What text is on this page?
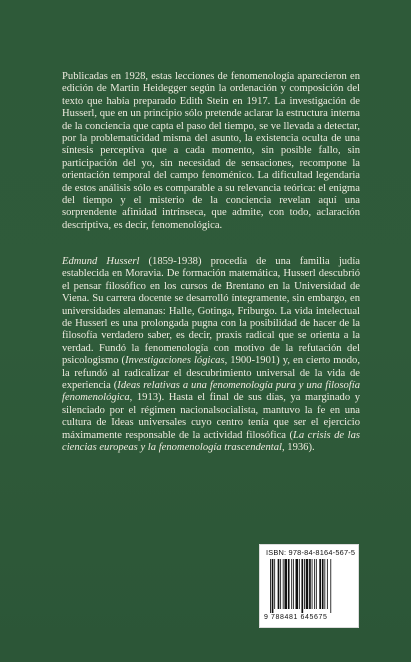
Publicadas en 1928, estas lecciones de fenomenología aparecieron en edición de Martin Heidegger según la ordenación y composición del texto que había preparado Edith Stein en 1917. La investigación de Husserl, que en un principio sólo pretende aclarar la estructura interna de la conciencia que capta el paso del tiempo, se ve llevada a detectar, por la problematicidad misma del asunto, la existencia oculta de una síntesis perceptiva que a cada momento, sin posible fallo, sin participación del yo, sin necesidad de sensaciones, recompone la orientación temporal del campo fenoménico. La dificultad legendaria de estos análisis sólo es comparable a su relevancia teórica: el enigma del tiempo y el misterio de la conciencia revelan aquí una sorprendente afinidad intrínseca, que admite, con todo, aclaración descriptiva, es decir, fenomenológica.

Edmund Husserl (1859-1938) procedía de una familia judía establecida en Moravia. De formación matemática, Husserl descubrió el pensar filosófico en los cursos de Brentano en la Universidad de Viena. Su carrera docente se desarrolló íntegramente, sin embargo, en universidades alemanas: Halle, Gotinga, Friburgo. La vida intelectual de Husserl es una prolongada pugna con la posibilidad de hacer de la filosofía verdadero saber, es decir, praxis radical que se orienta a la verdad. Fundó la fenomenología con motivo de la refutación del psicologismo (Investigaciones lógicas, 1900-1901) y, en cierto modo, la refundó al radicalizar el descubrimiento universal de la vida de experiencia (Ideas relativas a una fenomenología pura y una filosofía fenomenológica, 1913). Hasta el final de sus días, ya marginado y silenciado por el régimen nacionalsocialista, mantuvo la fe en una cultura de Ideas universales cuyo centro tenía que ser el ejercicio máximamente responsable de la actividad filosófica (La crisis de las ciencias europeas y la fenomenología trascendental, 1936).

ISBN: 978-84-8164-567-5
9 788481 645675
